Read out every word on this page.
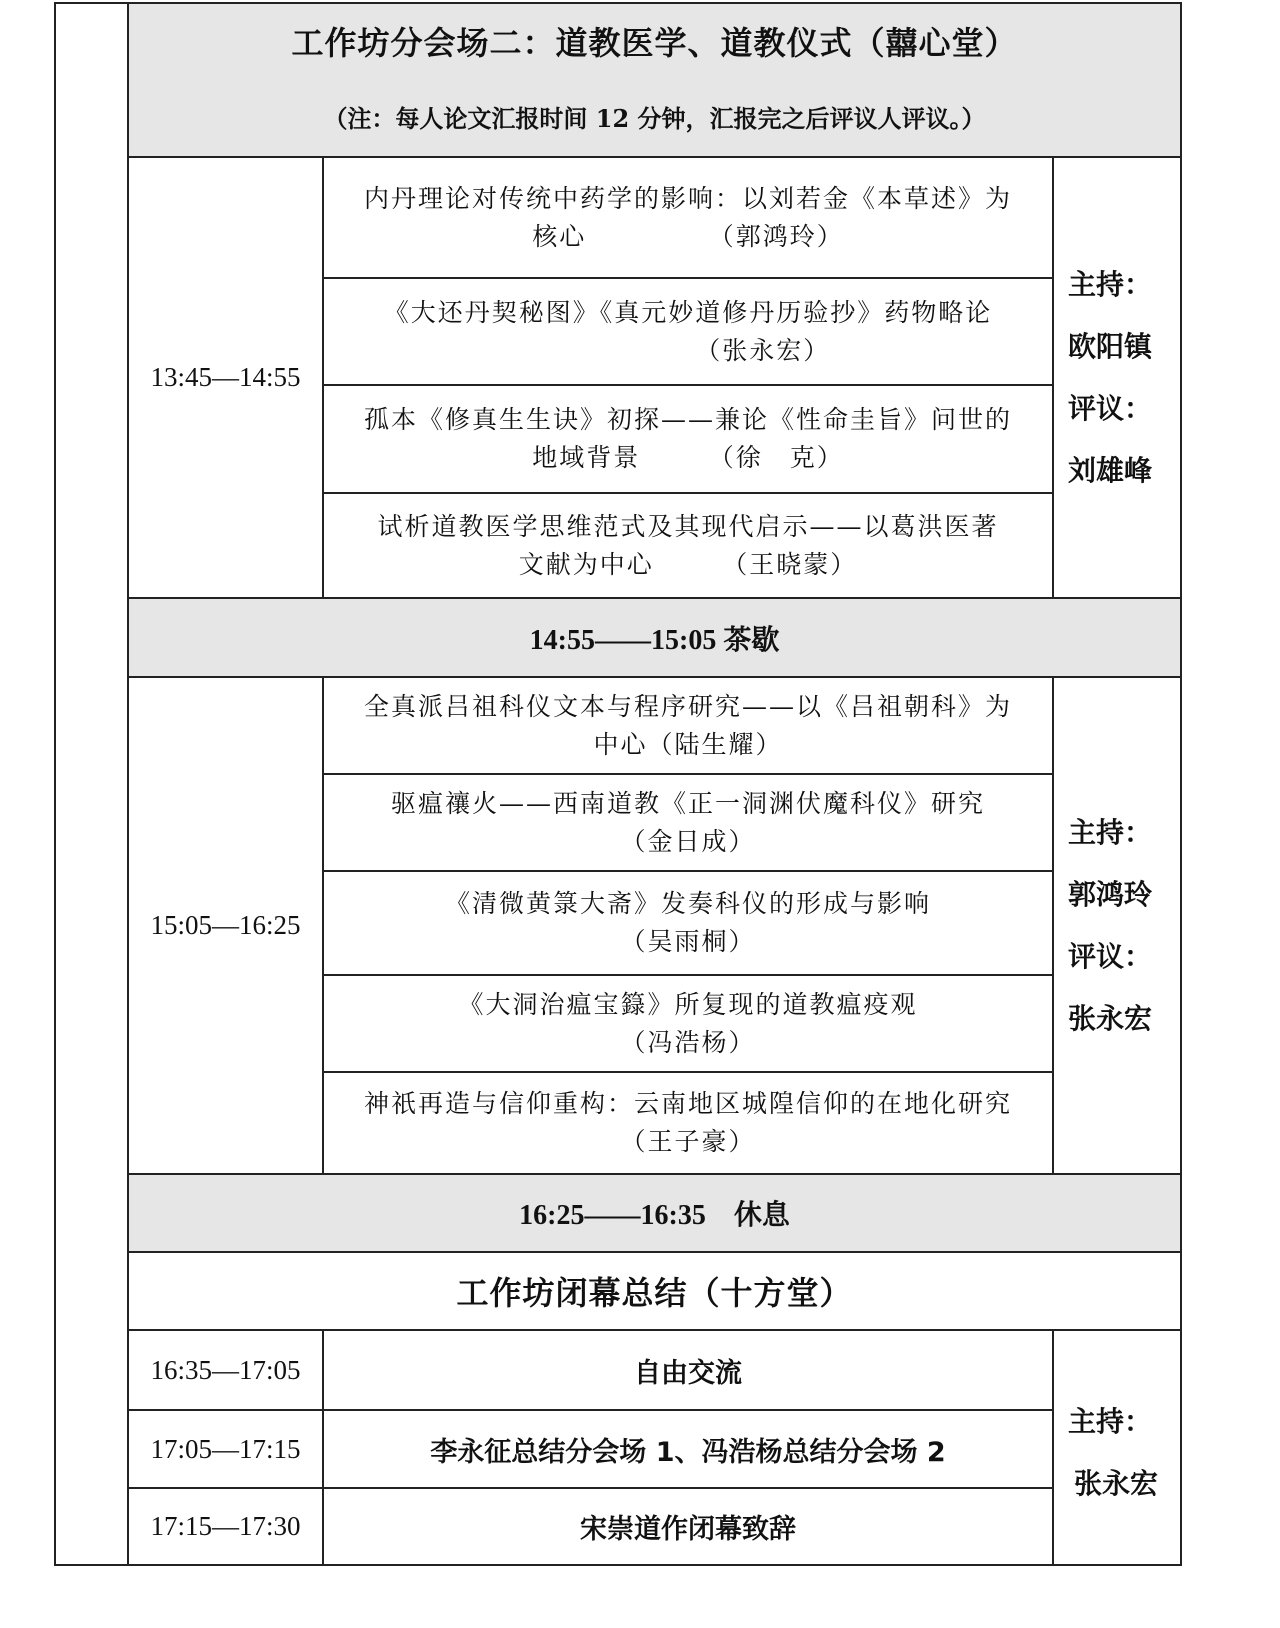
工作坊分会场二：道教医学、道教仪式（囍心堂）
（注：每人论文汇报时间 12 分钟，汇报完之后评议人评议。）
13:45—14:55
内丹理论对传统中药学的影响：以刘若金《本草述》为
核心　　　　　（郭鸿玲）
《大还丹契秘图》《真元妙道修丹历验抄》药物略论
　　　　　　（张永宏）
孤本《修真生生诀》初探——兼论《性命圭旨》问世的
地域背景　　　（徐　克）
试析道教医学思维范式及其现代启示——以葛洪医著
文献为中心　　　（王晓蒙）
主持：
欧阳镇
评议：
刘雄峰
14:55——15:05 茶歇
15:05—16:25
全真派吕祖科仪文本与程序研究——以《吕祖朝科》为
中心（陆生耀）
驱瘟禳火——西南道教《正一洞渊伏魔科仪》研究
（金日成）
《清微黄箓大斋》发奏科仪的形成与影响
（吴雨桐）
《大洞治瘟宝籙》所复现的道教瘟疫观
（冯浩杨）
神祇再造与信仰重构：云南地区城隍信仰的在地化研究
（王子豪）
主持：
郭鸿玲
评议：
张永宏
16:25——16:35　休息
工作坊闭幕总结（十方堂）
16:35—17:05	自由交流
17:05—17:15	李永征总结分会场 1、冯浩杨总结分会场 2
17:15—17:30	宋崇道作闭幕致辞
主持：
张永宏
